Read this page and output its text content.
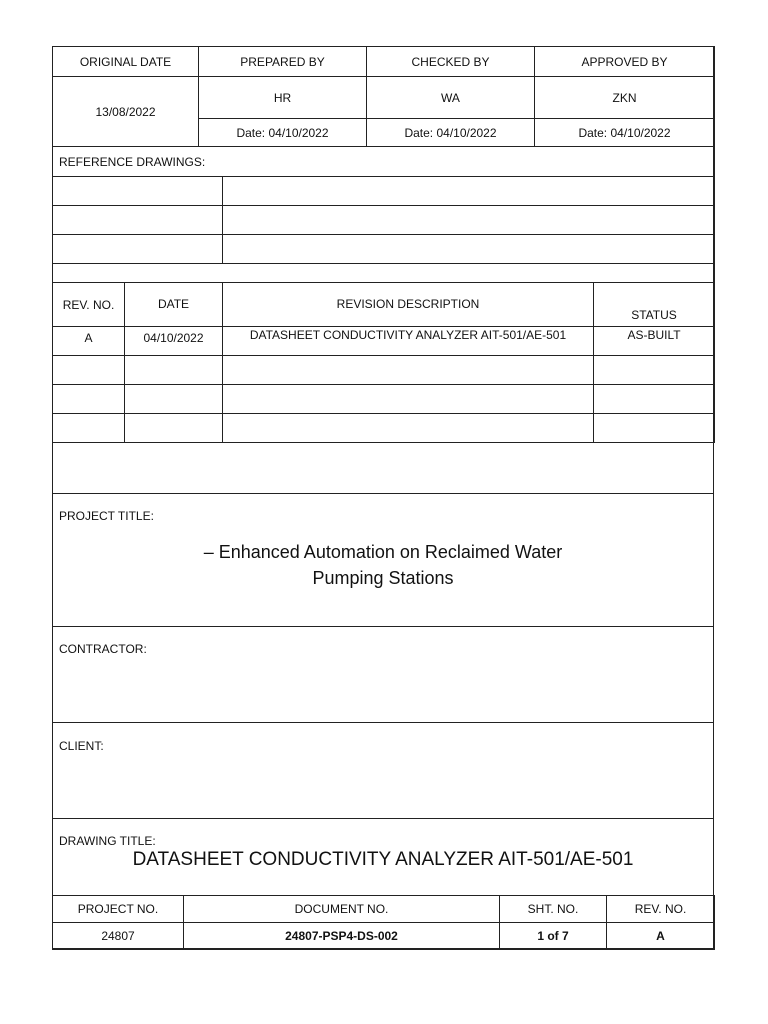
ORIGINAL DATE	PREPARED BY	CHECKED BY	APPROVED BY
13/08/2022	HR	WA	ZKN
	Date: 04/10/2022	Date: 04/10/2022	Date: 04/10/2022
REFERENCE DRAWINGS:	

REV. NO.	DATE	REVISION DESCRIPTION	STATUS
A	04/10/2022	DATASHEET CONDUCTIVITY ANALYZER AIT-501/AE-501	AS-BUILT

PROJECT TITLE:
– Enhanced Automation on Reclaimed Water
Pumping Stations
CONTRACTOR:
CLIENT:
DRAWING TITLE:
DATASHEET CONDUCTIVITY ANALYZER AIT-501/AE-501
PROJECT NO.	DOCUMENT NO.	SHT. NO.	REV. NO.
24807	24807-PSP4-DS-002	1 of 7	A
